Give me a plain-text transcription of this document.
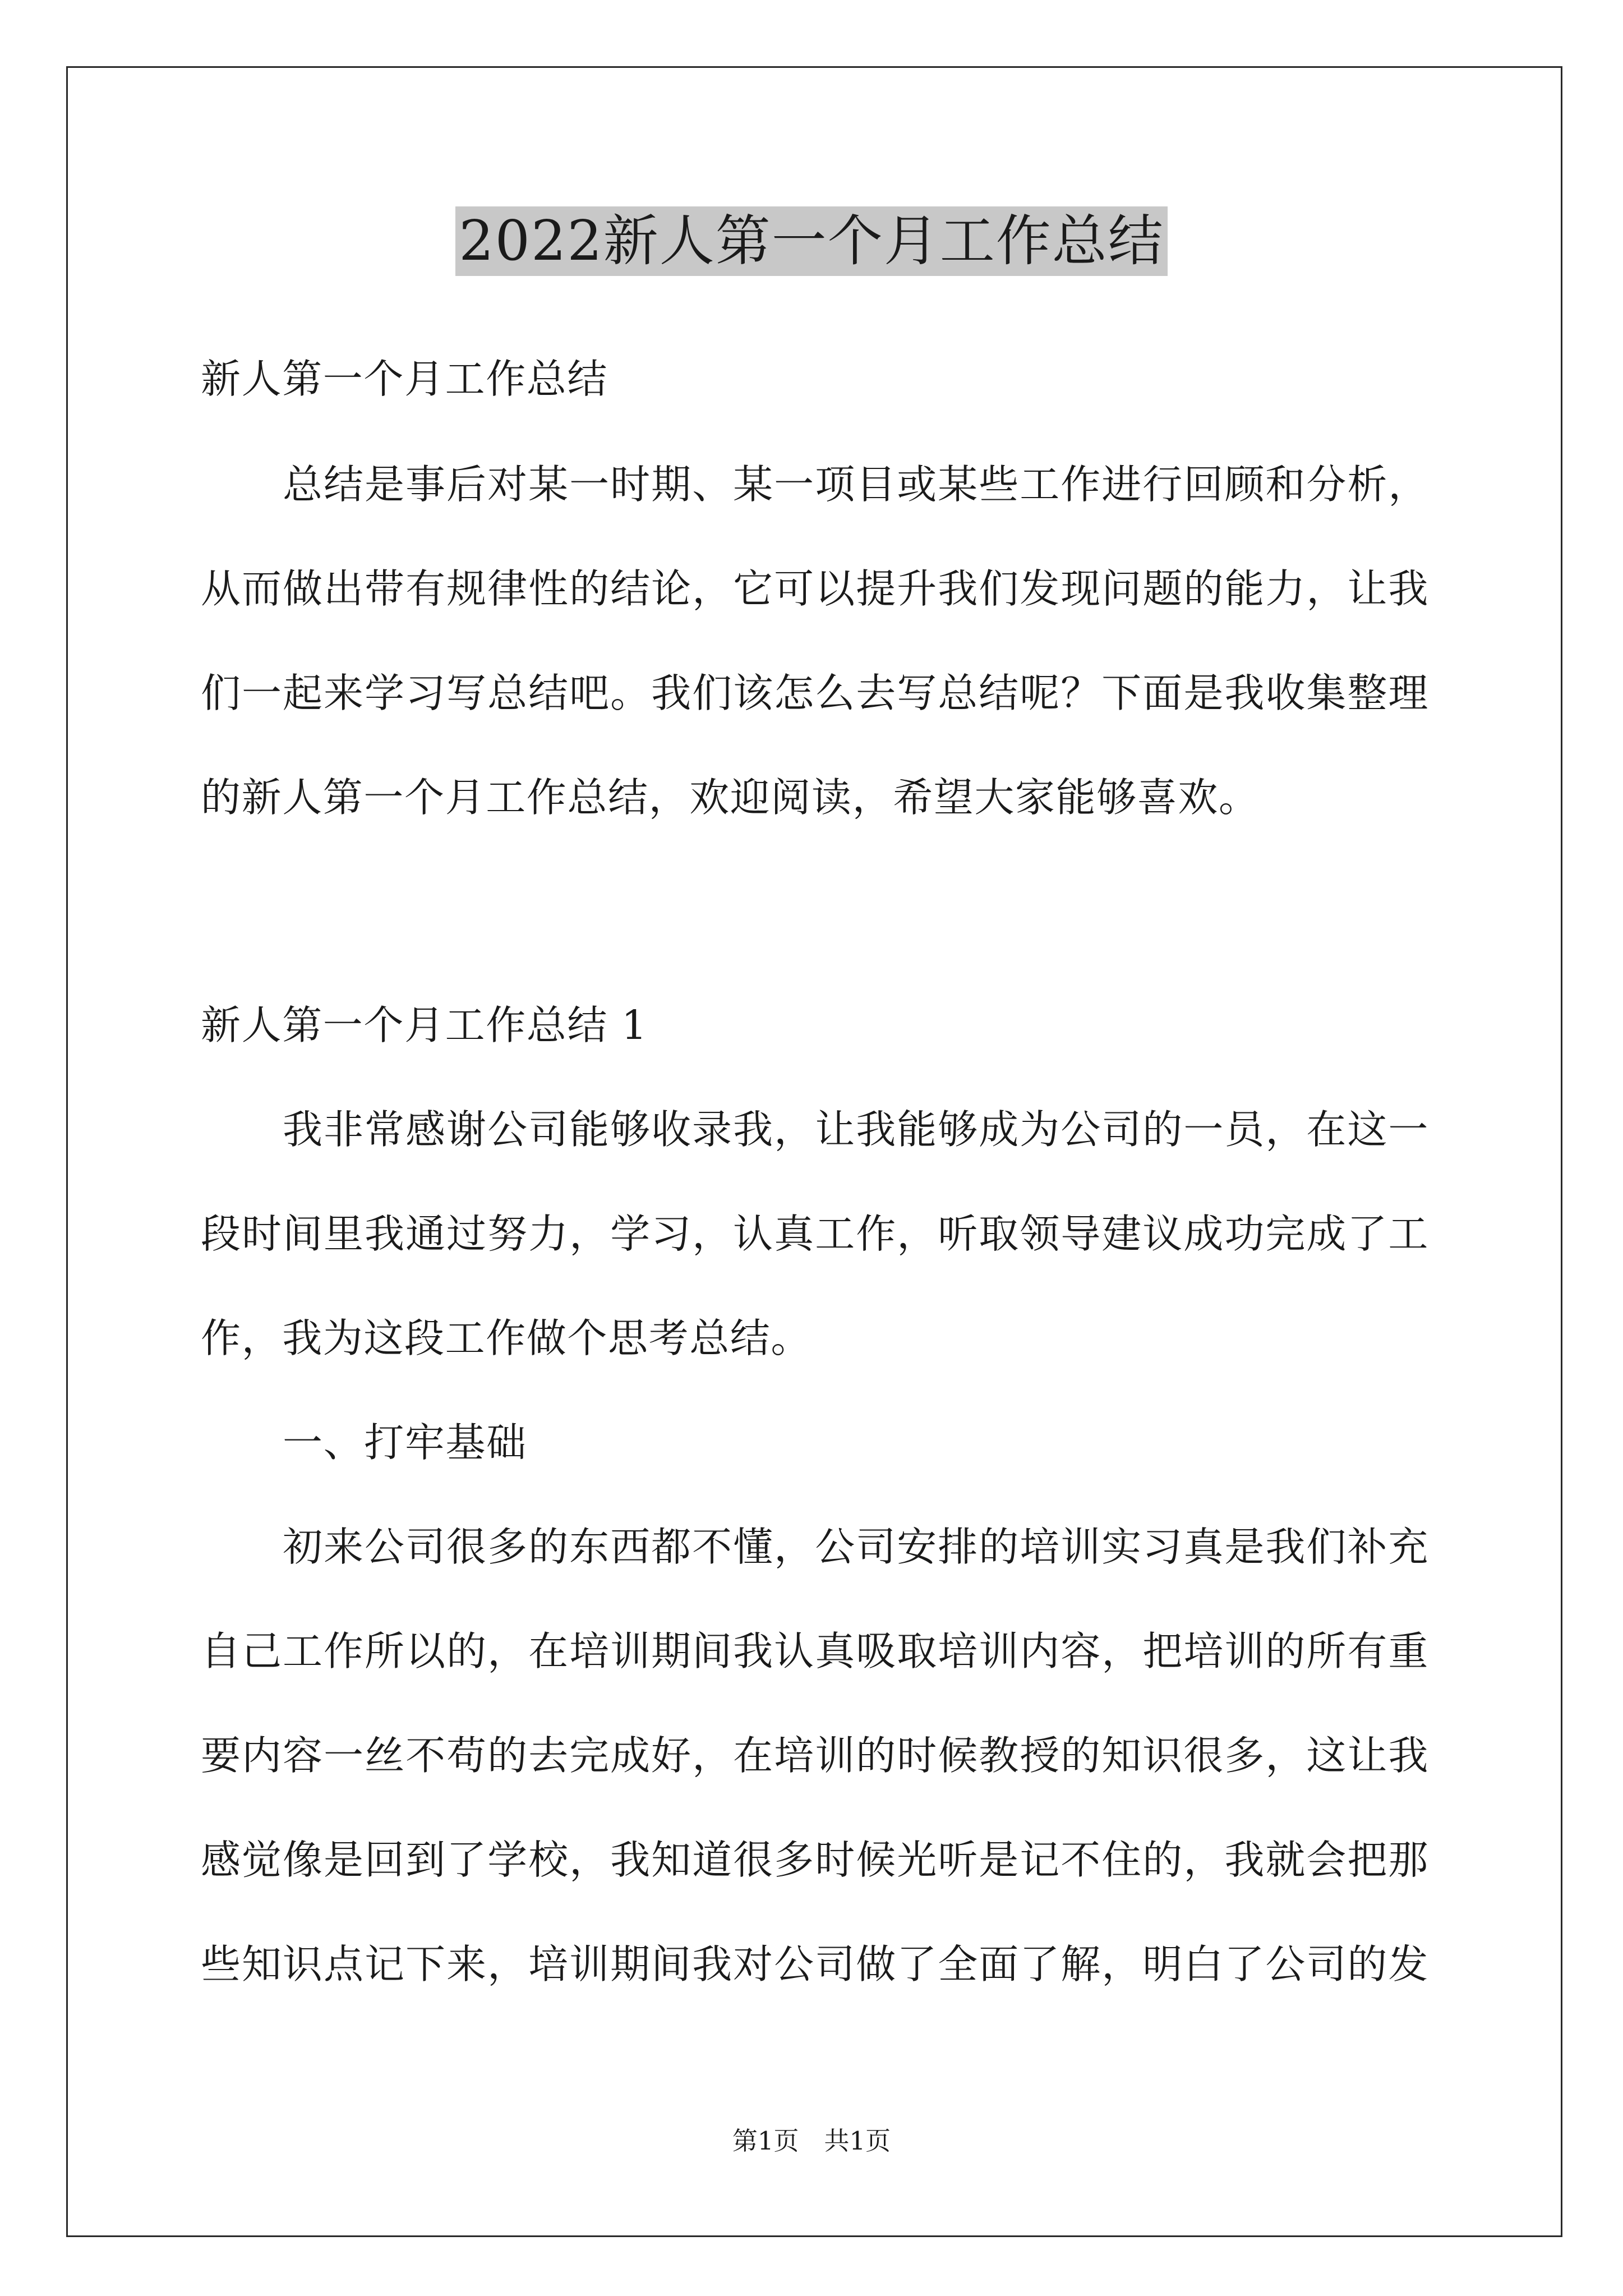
2022新人第一个月工作总结
新人第一个月工作总结
总结是事后对某一时期、某一项目或某些工作进行回顾和分析，
从而做出带有规律性的结论，它可以提升我们发现问题的能力，让我
们一起来学习写总结吧。我们该怎么去写总结呢？下面是我收集整理
的新人第一个月工作总结，欢迎阅读，希望大家能够喜欢。
新人第一个月工作总结 1
我非常感谢公司能够收录我，让我能够成为公司的一员，在这一
段时间里我通过努力，学习，认真工作，听取领导建议成功完成了工
作，我为这段工作做个思考总结。
一、打牢基础
初来公司很多的东西都不懂，公司安排的培训实习真是我们补充
自己工作所以的，在培训期间我认真吸取培训内容，把培训的所有重
要内容一丝不苟的去完成好，在培训的时候教授的知识很多，这让我
感觉像是回到了学校，我知道很多时候光听是记不住的，我就会把那
些知识点记下来，培训期间我对公司做了全面了解，明白了公司的发
第1页　共1页
